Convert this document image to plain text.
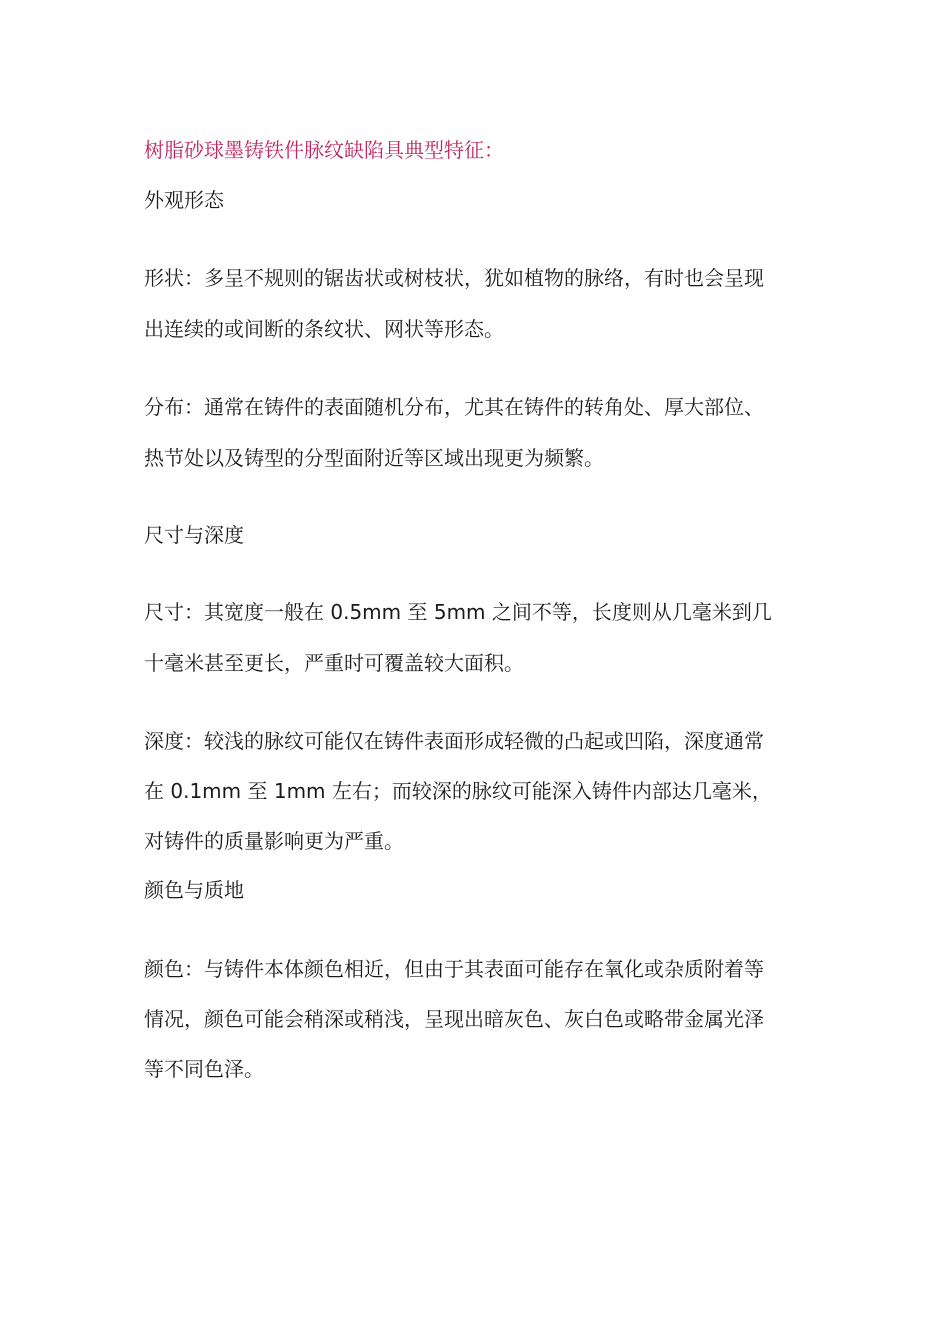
树脂砂球墨铸铁件脉纹缺陷具典型特征：
外观形态
形状：多呈不规则的锯齿状或树枝状，犹如植物的脉络，有时也会呈现
出连续的或间断的条纹状、网状等形态。
分布：通常在铸件的表面随机分布，尤其在铸件的转角处、厚大部位、
热节处以及铸型的分型面附近等区域出现更为频繁。
尺寸与深度
尺寸：其宽度一般在 0.5mm 至 5mm 之间不等，长度则从几毫米到几
十毫米甚至更长，严重时可覆盖较大面积。
深度：较浅的脉纹可能仅在铸件表面形成轻微的凸起或凹陷，深度通常
在 0.1mm 至 1mm 左右；而较深的脉纹可能深入铸件内部达几毫米，
对铸件的质量影响更为严重。
颜色与质地
颜色：与铸件本体颜色相近，但由于其表面可能存在氧化或杂质附着等
情况，颜色可能会稍深或稍浅，呈现出暗灰色、灰白色或略带金属光泽
等不同色泽。
